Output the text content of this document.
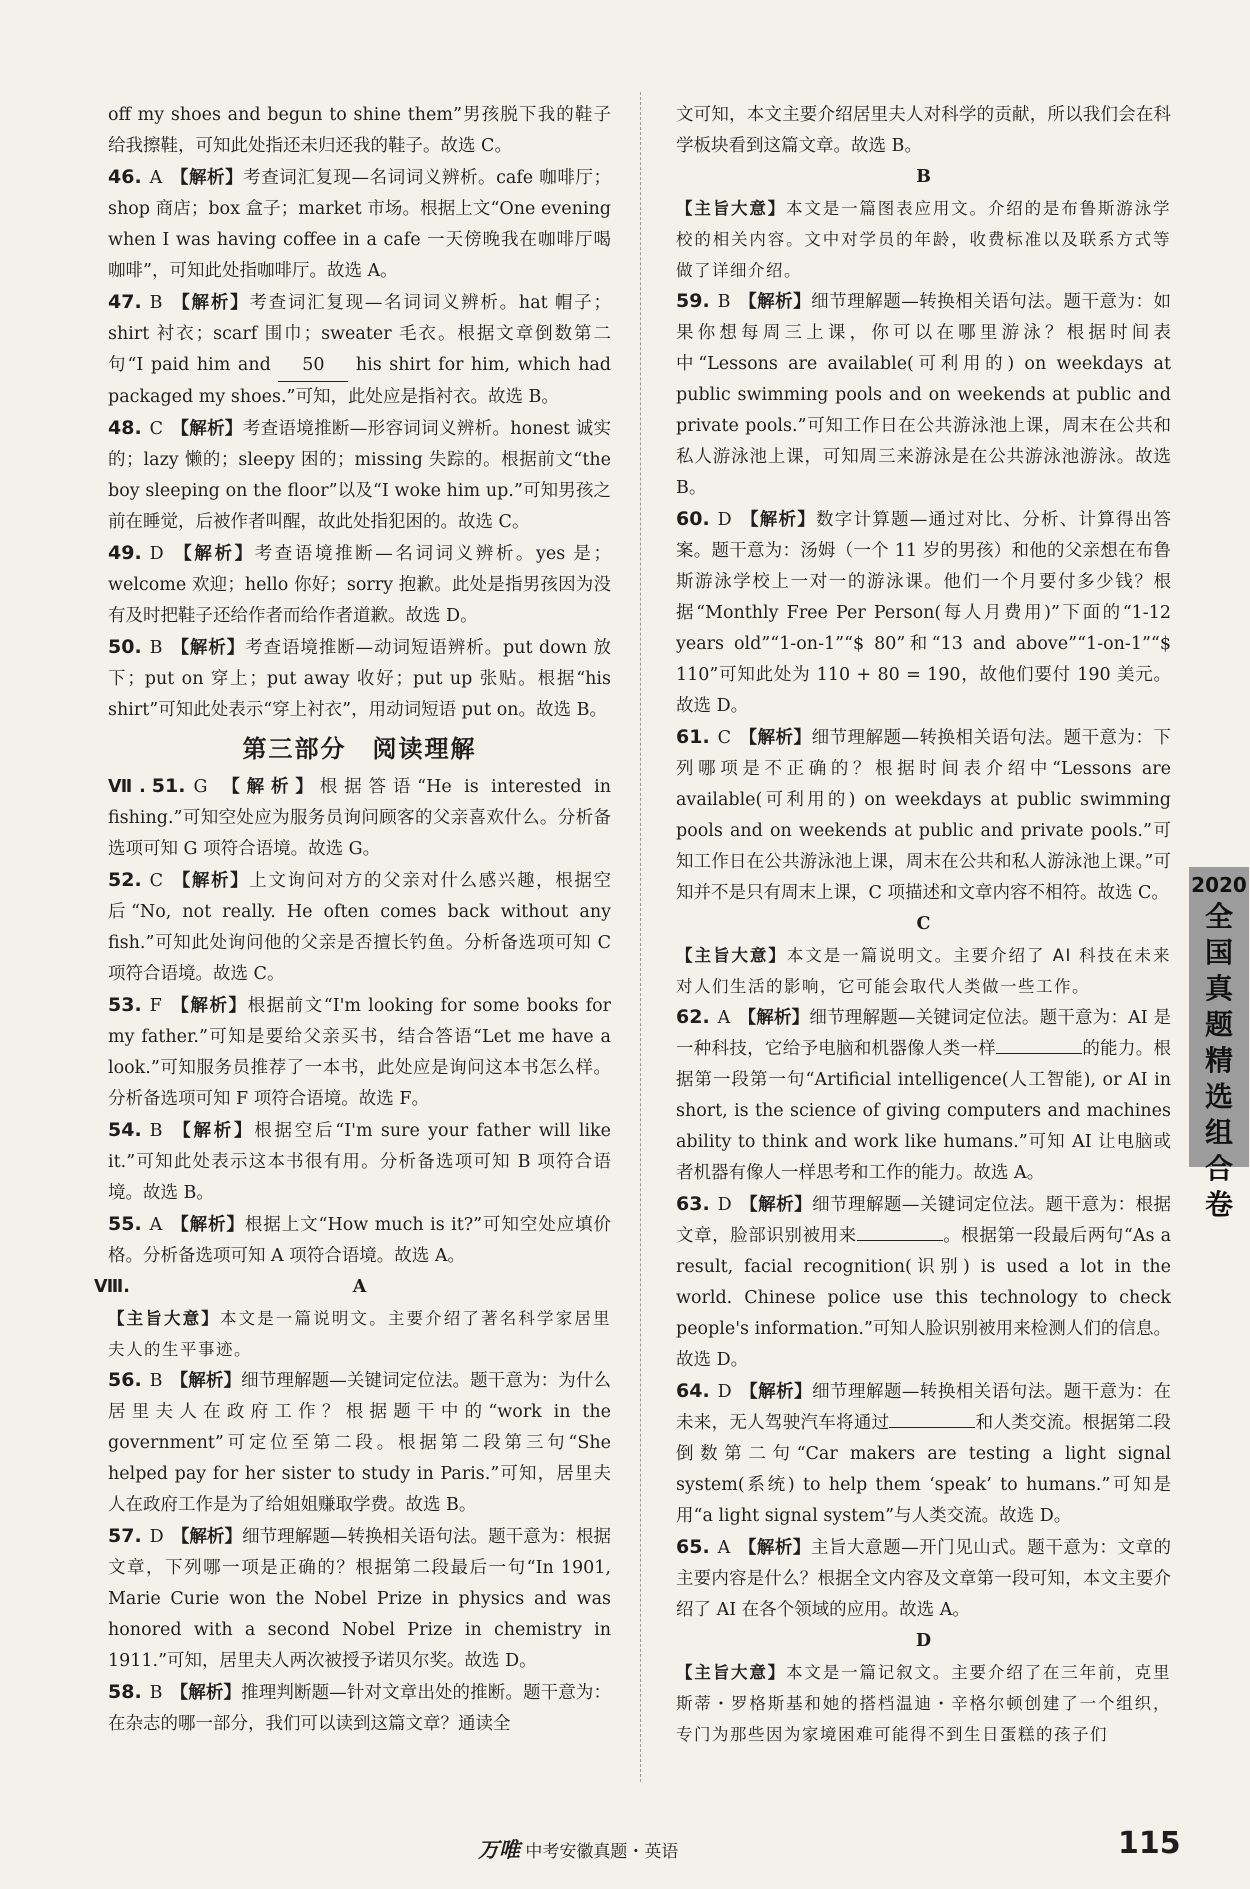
off my shoes and begun to shine them”男孩脱下我的鞋子给我擦鞋，可知此处指还未归还我的鞋子。故选 C。

46. A 【解析】考查词汇复现—名词词义辨析。cafe 咖啡厅；shop 商店；box 盒子；market 市场。根据上文“One evening when I was having coffee in a cafe 一天傍晚我在咖啡厅喝咖啡”，可知此处指咖啡厅。故选 A。

47. B 【解析】考查词汇复现—名词词义辨析。hat 帽子；shirt 衬衣；scarf 围巾；sweater 毛衣。根据文章倒数第二句“I paid him and 50 his shirt for him, which had packaged my shoes.”可知，此处应是指衬衣。故选 B。

48. C 【解析】考查语境推断—形容词词义辨析。honest 诚实的；lazy 懒的；sleepy 困的；missing 失踪的。根据前文“the boy sleeping on the floor”以及“I woke him up.”可知男孩之前在睡觉，后被作者叫醒，故此处指犯困的。故选 C。

49. D 【解析】考查语境推断—名词词义辨析。yes 是；welcome 欢迎；hello 你好；sorry 抱歉。此处是指男孩因为没有及时把鞋子还给作者而给作者道歉。故选 D。

50. B 【解析】考查语境推断—动词短语辨析。put down 放下；put on 穿上；put away 收好；put up 张贴。根据“his shirt”可知此处表示“穿上衬衣”，用动词短语 put on。故选 B。

第三部分　阅读理解

Ⅶ. 51. G 【解析】根据答语“He is interested in fishing.”可知空处应为服务员询问顾客的父亲喜欢什么。分析备选项可知 G 项符合语境。故选 G。

52. C 【解析】上文询问对方的父亲对什么感兴趣，根据空后“No, not really. He often comes back without any fish.”可知此处询问他的父亲是否擅长钓鱼。分析备选项可知 C 项符合语境。故选 C。

53. F 【解析】根据前文“I'm looking for some books for my father.”可知是要给父亲买书，结合答语“Let me have a look.”可知服务员推荐了一本书，此处应是询问这本书怎么样。分析备选项可知 F 项符合语境。故选 F。

54. B 【解析】根据空后“I'm sure your father will like it.”可知此处表示这本书很有用。分析备选项可知 B 项符合语境。故选 B。

55. A 【解析】根据上文“How much is it?”可知空处应填价格。分析备选项可知 A 项符合语境。故选 A。

Ⅷ.	A

【主旨大意】本文是一篇说明文。主要介绍了著名科学家居里夫人的生平事迹。

56. B 【解析】细节理解题—关键词定位法。题干意为：为什么居里夫人在政府工作？根据题干中的“work in the government”可定位至第二段。根据第二段第三句“She helped pay for her sister to study in Paris.”可知，居里夫人在政府工作是为了给姐姐赚取学费。故选 B。

57. D 【解析】细节理解题—转换相关语句法。题干意为：根据文章，下列哪一项是正确的？根据第二段最后一句“In 1901, Marie Curie won the Nobel Prize in physics and was honored with a second Nobel Prize in chemistry in 1911.”可知，居里夫人两次被授予诺贝尔奖。故选 D。

58. B 【解析】推理判断题—针对文章出处的推断。题干意为：在杂志的哪一部分，我们可以读到这篇文章？通读全

文可知，本文主要介绍居里夫人对科学的贡献，所以我们会在科学板块看到这篇文章。故选 B。

B

【主旨大意】本文是一篇图表应用文。介绍的是布鲁斯游泳学校的相关内容。文中对学员的年龄，收费标准以及联系方式等做了详细介绍。

59. B 【解析】细节理解题—转换相关语句法。题干意为：如果你想每周三上课，你可以在哪里游泳？根据时间表中“Lessons are available(可利用的) on weekdays at public swimming pools and on weekends at public and private pools.”可知工作日在公共游泳池上课，周末在公共和私人游泳池上课，可知周三来游泳是在公共游泳池游泳。故选 B。

60. D 【解析】数字计算题—通过对比、分析、计算得出答案。题干意为：汤姆（一个 11 岁的男孩）和他的父亲想在布鲁斯游泳学校上一对一的游泳课。他们一个月要付多少钱？根据“Monthly Free Per Person(每人月费用)”下面的“1-12 years old”“1-on-1”“$ 80”和“13 and above”“1-on-1”“$ 110”可知此处为 110 + 80 = 190，故他们要付 190 美元。故选 D。

61. C 【解析】细节理解题—转换相关语句法。题干意为：下列哪项是不正确的？根据时间表介绍中“Lessons are available(可利用的) on weekdays at public swimming pools and on weekends at public and private pools.”可知工作日在公共游泳池上课，周末在公共和私人游泳池上课。”可知并不是只有周末上课，C 项描述和文章内容不相符。故选 C。

C

【主旨大意】本文是一篇说明文。主要介绍了 AI 科技在未来对人们生活的影响，它可能会取代人类做一些工作。

62. A 【解析】细节理解题—关键词定位法。题干意为：AI 是一种科技，它给予电脑和机器像人类一样	的能力。根据第一段第一句“Artificial intelligence(人工智能), or AI in short, is the science of giving computers and machines ability to think and work like humans.”可知 AI 让电脑或者机器有像人一样思考和工作的能力。故选 A。

63. D 【解析】细节理解题—关键词定位法。题干意为：根据文章，脸部识别被用来	。根据第一段最后两句“As a result, facial recognition(识别) is used a lot in the world. Chinese police use this technology to check people's information.”可知人脸识别被用来检测人们的信息。故选 D。

64. D 【解析】细节理解题—转换相关语句法。题干意为：在未来，无人驾驶汽车将通过	和人类交流。根据第二段倒数第二句“Car makers are testing a light signal system(系统) to help them ‘speak’ to humans.”可知是用“a light signal system”与人类交流。故选 D。

65. A 【解析】主旨大意题—开门见山式。题干意为：文章的主要内容是什么？根据全文内容及文章第一段可知，本文主要介绍了 AI 在各个领域的应用。故选 A。

D

【主旨大意】本文是一篇记叙文。主要介绍了在三年前，克里斯蒂・罗格斯基和她的搭档温迪・辛格尔顿创建了一个组织，专门为那些因为家境困难可能得不到生日蛋糕的孩子们

2020
全
国
真
题
精
选
组
合
卷
万唯 中考安徽真题・英语	115
